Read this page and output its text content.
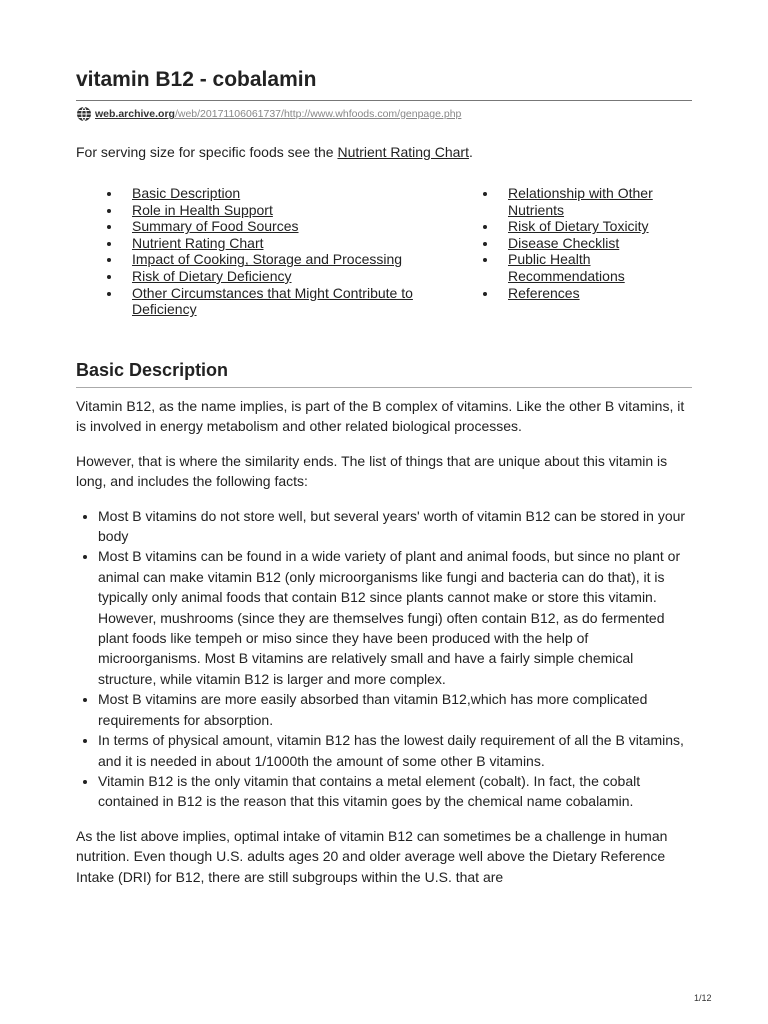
vitamin B12 - cobalamin
web.archive.org /web/20171106061737/http://www.whfoods.com/genpage.php
For serving size for specific foods see the Nutrient Rating Chart.
• Basic Description
• Role in Health Support
• Summary of Food Sources
• Nutrient Rating Chart
• Impact of Cooking, Storage and Processing
• Risk of Dietary Deficiency
• Other Circumstances that Might Contribute to Deficiency
• Relationship with Other Nutrients
• Risk of Dietary Toxicity
• Disease Checklist
• Public Health Recommendations
• References
Basic Description

Vitamin B12, as the name implies, is part of the B complex of vitamins. Like the other B vitamins, it is involved in energy metabolism and other related biological processes.

However, that is where the similarity ends. The list of things that are unique about this vitamin is long, and includes the following facts:

• Most B vitamins do not store well, but several years' worth of vitamin B12 can be stored in your body
• Most B vitamins can be found in a wide variety of plant and animal foods, but since no plant or animal can make vitamin B12 (only microorganisms like fungi and bacteria can do that), it is typically only animal foods that contain B12 since plants cannot make or store this vitamin. However, mushrooms (since they are themselves fungi) often contain B12, as do fermented plant foods like tempeh or miso since they have been produced with the help of microorganisms. Most B vitamins are relatively small and have a fairly simple chemical structure, while vitamin B12 is larger and more complex.
• Most B vitamins are more easily absorbed than vitamin B12,which has more complicated requirements for absorption.
• In terms of physical amount, vitamin B12 has the lowest daily requirement of all the B vitamins, and it is needed in about 1/1000th the amount of some other B vitamins.
• Vitamin B12 is the only vitamin that contains a metal element (cobalt). In fact, the cobalt contained in B12 is the reason that this vitamin goes by the chemical name cobalamin.

As the list above implies, optimal intake of vitamin B12 can sometimes be a challenge in human nutrition. Even though U.S. adults ages 20 and older average well above the Dietary Reference Intake (DRI) for B12, there are still subgroups within the U.S. that are

1/12
